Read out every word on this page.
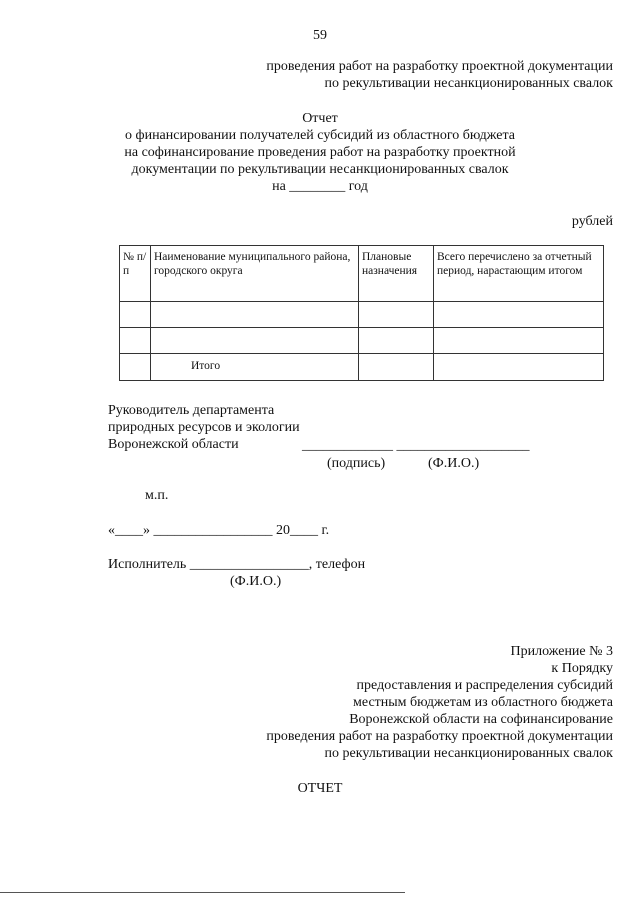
59
проведения работ на разработку проектной документации
по рекультивации несанкционированных свалок
Отчет
о финансировании получателей субсидий из областного бюджета
на софинансирование проведения работ на разработку проектной
документации по рекультивации несанкционированных свалок
на ________ год
рублей
№ п/п	Наименование муниципального района, городского округа	Плановые назначения	Всего перечислено за отчетный период, нарастающим итогом

	Итого		
Руководитель департамента
природных ресурсов и экологии
Воронежской области	_____________ ___________________
(подпись)	(Ф.И.О.)
м.п.
«____» _________________ 20____ г.
Исполнитель _________________, телефон
(Ф.И.О.)
Приложение № 3
к Порядку
предоставления и распределения субсидий
местным бюджетам из областного бюджета
Воронежской области на софинансирование
проведения работ на разработку проектной документации
по рекультивации несанкционированных свалок
ОТЧЕТ
